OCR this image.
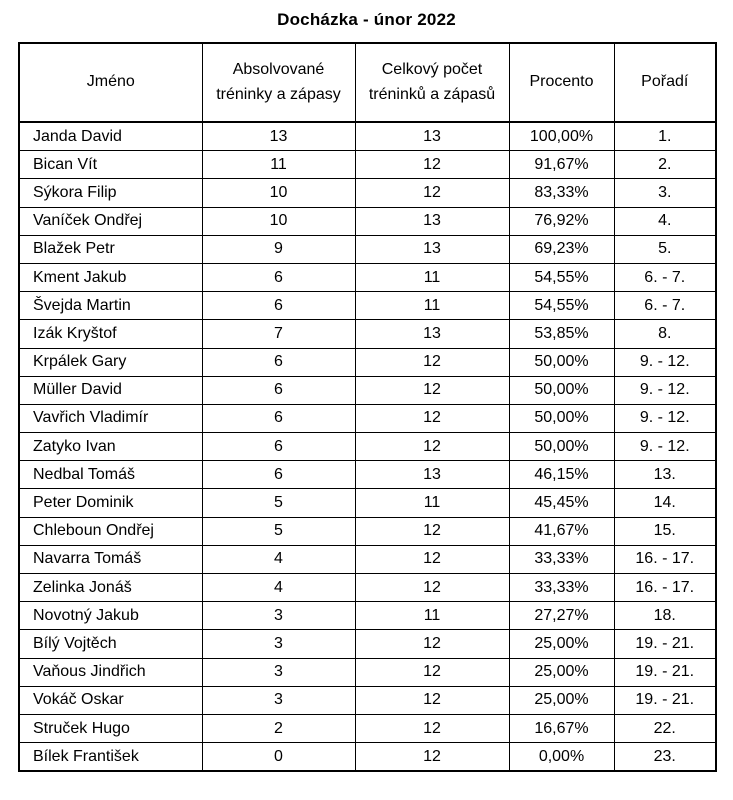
Docházka - únor 2022
Jméno	Absolvované tréninky a zápasy	Celkový počet tréninků a zápasů	Procento	Pořadí
Janda David	13	13	100,00%	1.
Bican Vít	11	12	91,67%	2.
Sýkora Filip	10	12	83,33%	3.
Vaníček Ondřej	10	13	76,92%	4.
Blažek Petr	9	13	69,23%	5.
Kment Jakub	6	11	54,55%	6. - 7.
Švejda Martin	6	11	54,55%	6. - 7.
Izák Kryštof	7	13	53,85%	8.
Krpálek Gary	6	12	50,00%	9. - 12.
Müller David	6	12	50,00%	9. - 12.
Vavřich Vladimír	6	12	50,00%	9. - 12.
Zatyko Ivan	6	12	50,00%	9. - 12.
Nedbal Tomáš	6	13	46,15%	13.
Peter Dominik	5	11	45,45%	14.
Chleboun Ondřej	5	12	41,67%	15.
Navarra Tomáš	4	12	33,33%	16. - 17.
Zelinka Jonáš	4	12	33,33%	16. - 17.
Novotný Jakub	3	11	27,27%	18.
Bílý Vojtěch	3	12	25,00%	19. - 21.
Vaňous Jindřich	3	12	25,00%	19. - 21.
Vokáč Oskar	3	12	25,00%	19. - 21.
Struček Hugo	2	12	16,67%	22.
Bílek František	0	12	0,00%	23.
